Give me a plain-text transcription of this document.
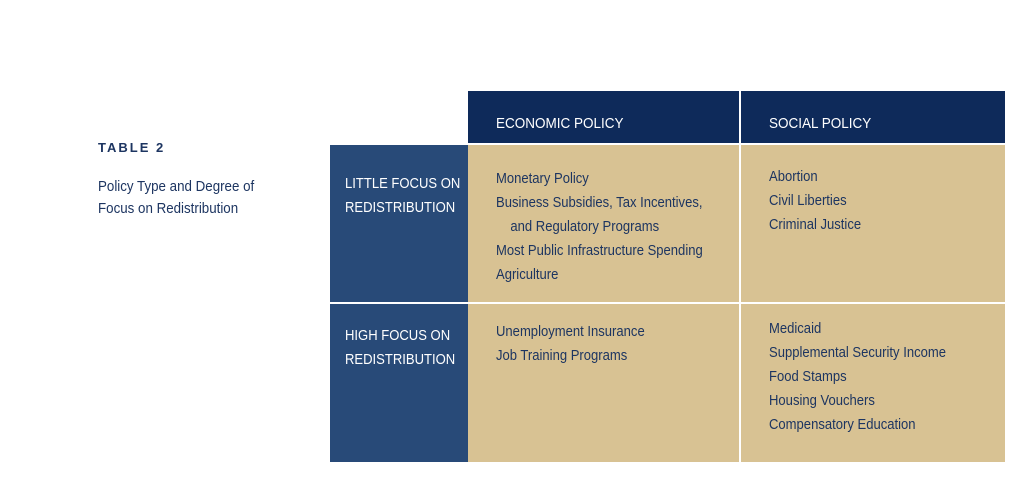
TABLE 2
Policy Type and Degree of
Focus on Redistribution
ECONOMIC POLICY	SOCIAL POLICY
LITTLE FOCUS ON
REDISTRIBUTION
Monetary Policy
Business Subsidies, Tax Incentives,
and Regulatory Programs
Most Public Infrastructure Spending
Agriculture
Abortion
Civil Liberties
Criminal Justice
HIGH FOCUS ON
REDISTRIBUTION
Unemployment Insurance
Job Training Programs
Medicaid
Supplemental Security Income
Food Stamps
Housing Vouchers
Compensatory Education
